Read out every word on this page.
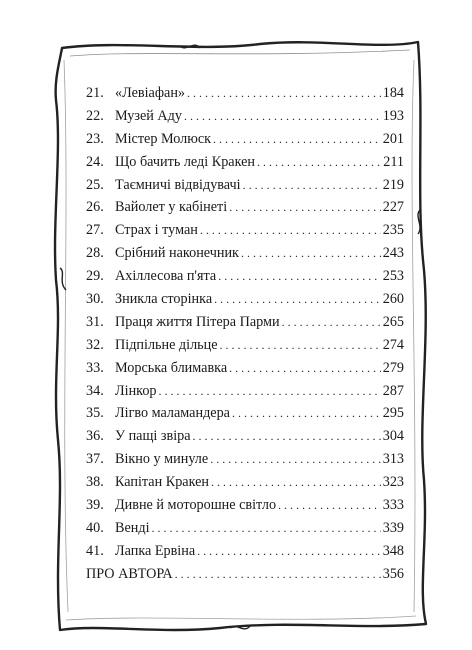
21. «Левіафан» . . .	184
22. Музей Аду . . .	193
23. Містер Молюск . . .	201
24. Що бачить леді Кракен . . .	211
25. Таємничі відвідувачі . . .	219
26. Вайолет у кабінеті . . .	227
27. Страх і туман . . .	235
28. Срібний наконечник . . .	243
29. Ахіллесова п'ята . . .	253
30. Зникла сторінка . . .	260
31. Праця життя Пітера Парми . . .	265
32. Підпільне дільце . . .	274
33. Морська блимавка . . .	279
34. Лінкор . . .	287
35. Лігво маламандера . . .	295
36. У пащі звіра . . .	304
37. Вікно у минуле . . .	313
38. Капітан Кракен . . .	323
39. Дивне й моторошне світло . . .	333
40. Венді . . .	339
41. Лапка Ервіна . . .	348
ПРО АВТОРА . . .	356
